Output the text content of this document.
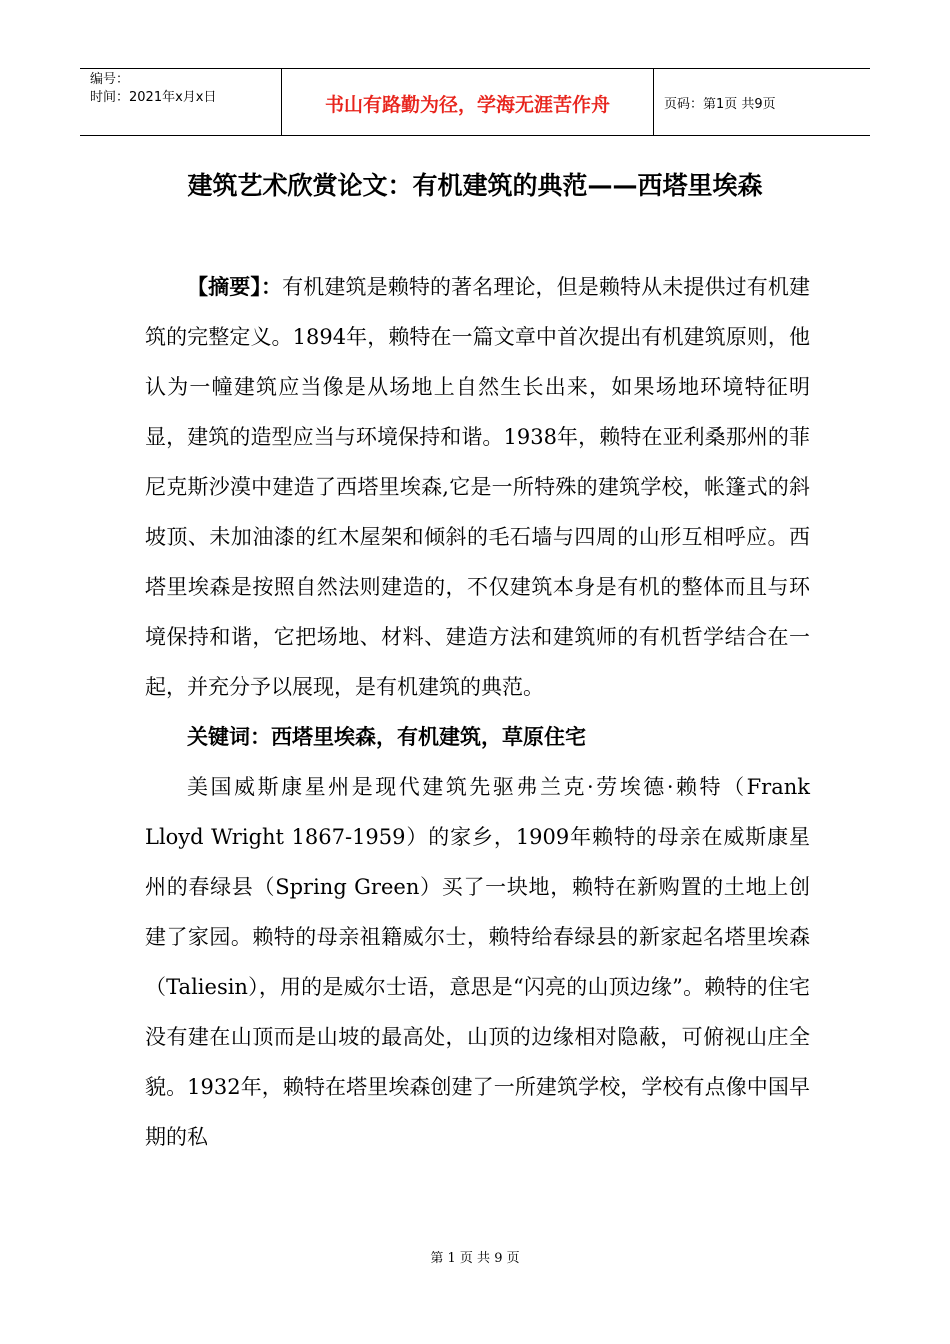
编号：
时间：2021年x月x日	书山有路勤为径，学海无涯苦作舟	页码：第1页 共9页
建筑艺术欣赏论文：有机建筑的典范——西塔里埃森

【摘要】：有机建筑是赖特的著名理论，但是赖特从未提供过有机建筑的完整定义。1894年，赖特在一篇文章中首次提出有机建筑原则，他认为一幢建筑应当像是从场地上自然生长出来，如果场地环境特征明显，建筑的造型应当与环境保持和谐。1938年，赖特在亚利桑那州的菲尼克斯沙漠中建造了西塔里埃森,它是一所特殊的建筑学校，帐篷式的斜坡顶、未加油漆的红木屋架和倾斜的毛石墙与四周的山形互相呼应。西塔里埃森是按照自然法则建造的，不仅建筑本身是有机的整体而且与环境保持和谐，它把场地、材料、建造方法和建筑师的有机哲学结合在一起，并充分予以展现，是有机建筑的典范。

关键词：西塔里埃森，有机建筑，草原住宅

美国威斯康星州是现代建筑先驱弗兰克·劳埃德·赖特（Frank Lloyd Wright 1867-1959）的家乡，1909年赖特的母亲在威斯康星州的春绿县（Spring Green）买了一块地，赖特在新购置的土地上创建了家园。赖特的母亲祖籍威尔士，赖特给春绿县的新家起名塔里埃森（Taliesin），用的是威尔士语，意思是“闪亮的山顶边缘”。赖特的住宅没有建在山顶而是山坡的最高处，山顶的边缘相对隐蔽，可俯视山庄全貌。1932年，赖特在塔里埃森创建了一所建筑学校，学校有点像中国早期的私

第 1 页 共 9 页
